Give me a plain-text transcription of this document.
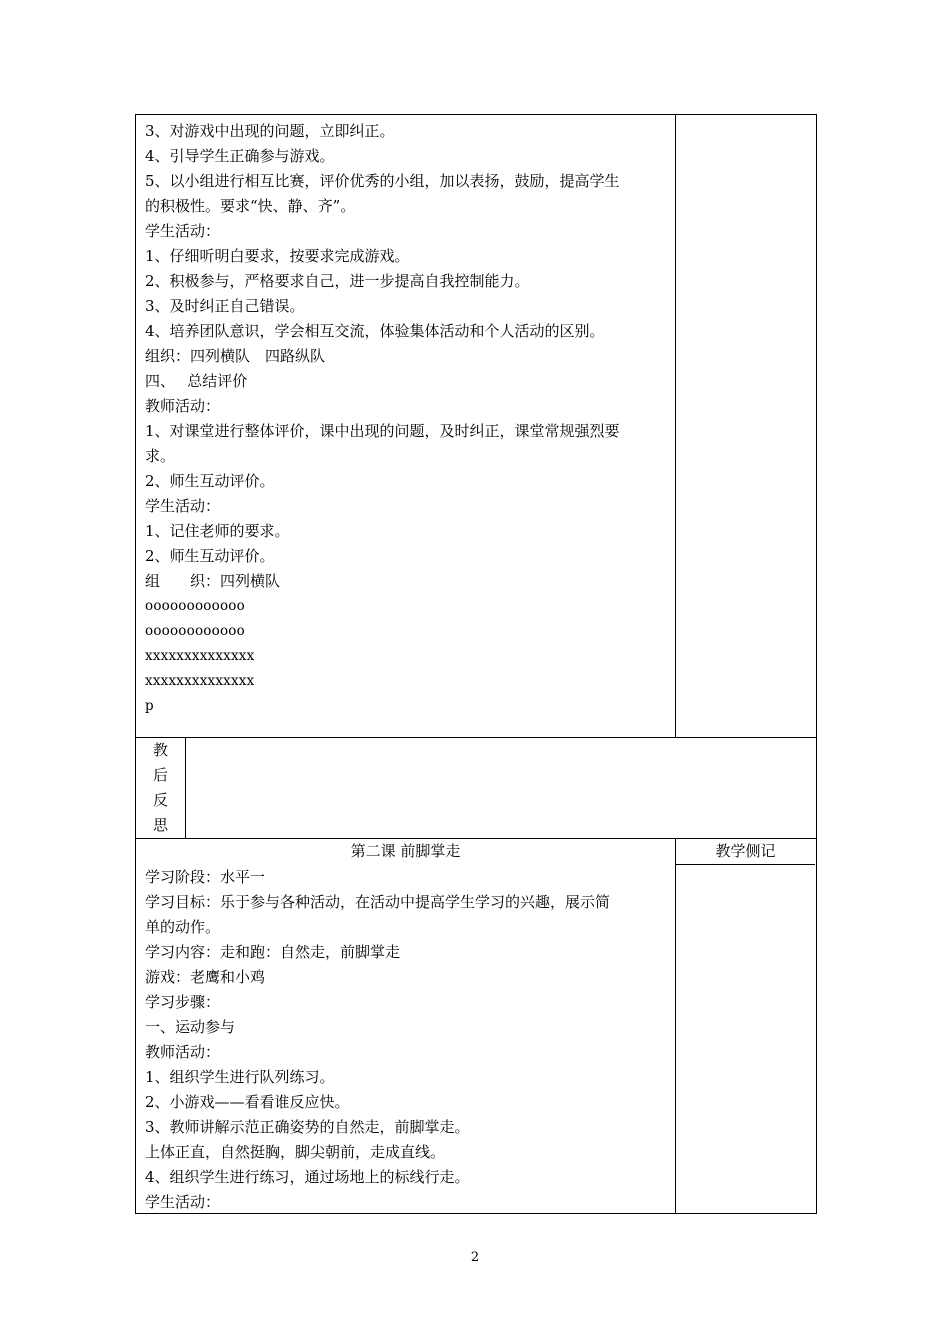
3、对游戏中出现的问题，立即纠正。
4、引导学生正确参与游戏。
5、以小组进行相互比赛，评价优秀的小组，加以表扬，鼓励，提高学生
的积极性。要求“快、静、齐”。
学生活动：
1、仔细听明白要求，按要求完成游戏。
2、积极参与，严格要求自己，进一步提高自我控制能力。
3、及时纠正自己错误。
4、培养团队意识，学会相互交流，体验集体活动和个人活动的区别。
组织：四列横队　四路纵队
四、　 总结评价
教师活动：
1、对课堂进行整体评价，课中出现的问题，及时纠正，课堂常规强烈要
求。
2、师生互动评价。
学生活动：
1、记住老师的要求。
2、师生互动评价。
组　　织：四列横队
oooooooooooo
oooooooooooo
xxxxxxxxxxxxxx
xxxxxxxxxxxxxx
p
教
后
反
思
第二课 前脚掌走
学习阶段：水平一
学习目标：乐于参与各种活动，在活动中提高学生学习的兴趣，展示简
单的动作。
学习内容：走和跑：自然走，前脚掌走
游戏：老鹰和小鸡
学习步骤：
一、运动参与
教师活动：
1、组织学生进行队列练习。
2、小游戏——看看谁反应快。
3、教师讲解示范正确姿势的自然走，前脚掌走。
上体正直，自然挺胸，脚尖朝前，走成直线。
4、组织学生进行练习，通过场地上的标线行走。
学生活动：
教学侧记
2
